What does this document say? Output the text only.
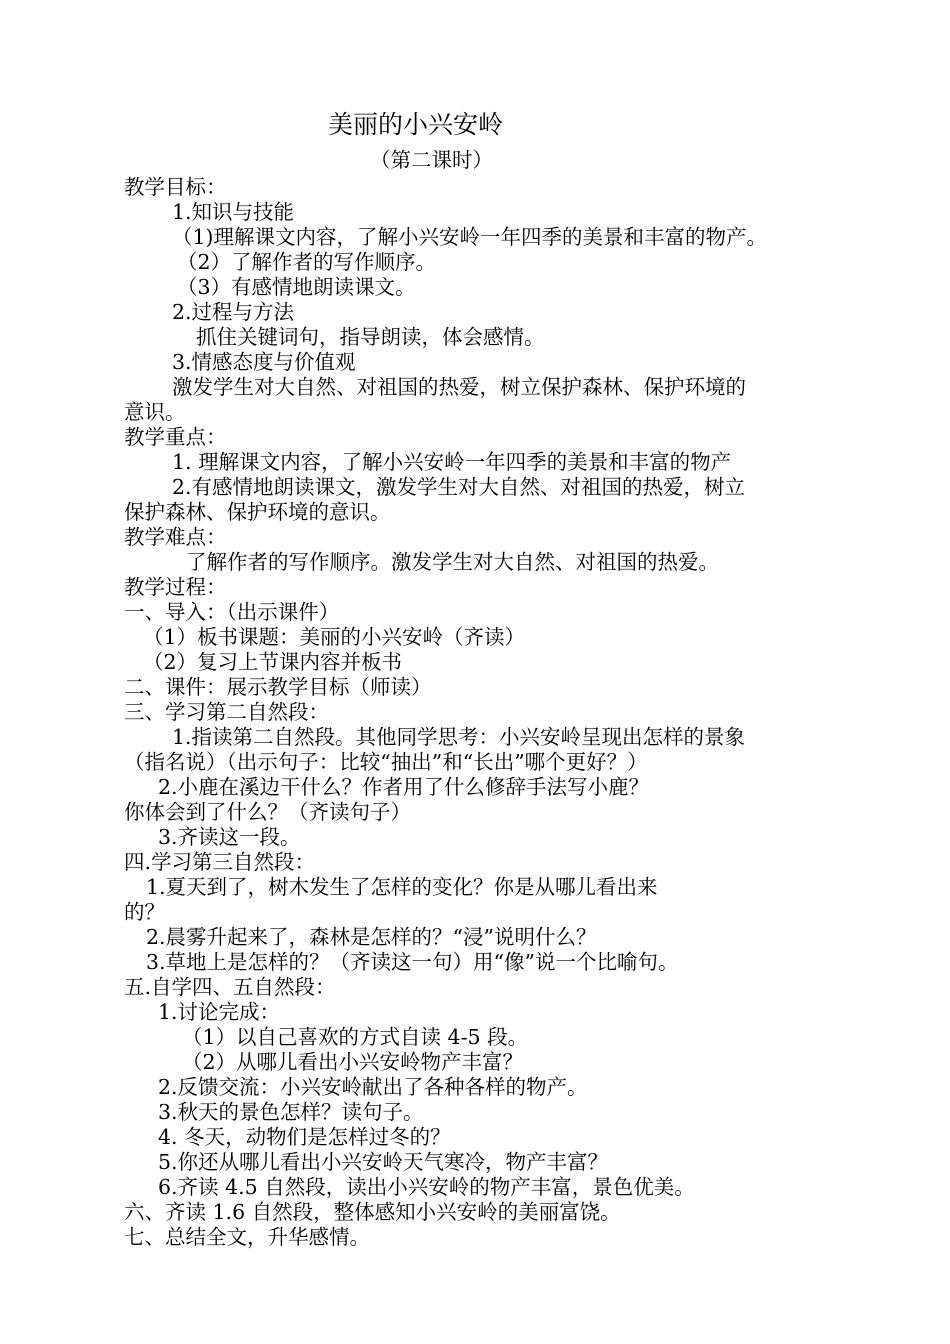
美丽的小兴安岭
（第二课时）
教学目标：
1.知识与技能
（1)理解课文内容，了解小兴安岭一年四季的美景和丰富的物产。
（2）了解作者的写作顺序。
（3）有感情地朗读课文。
2.过程与方法
抓住关键词句，指导朗读，体会感情。
3.情感态度与价值观
激发学生对大自然、对祖国的热爱，树立保护森林、保护环境的
意识。
教学重点：
1. 理解课文内容，了解小兴安岭一年四季的美景和丰富的物产
2.有感情地朗读课文，激发学生对大自然、对祖国的热爱，树立
保护森林、保护环境的意识。
教学难点：
了解作者的写作顺序。激发学生对大自然、对祖国的热爱。
教学过程：
一、导入：（出示课件）
（1）板书课题：美丽的小兴安岭（齐读）
（2）复习上节课内容并板书
二、课件：展示教学目标（师读）
三、学习第二自然段：
1.指读第二自然段。其他同学思考：小兴安岭呈现出怎样的景象
（指名说）（出示句子：比较“抽出”和“长出”哪个更好？）
2.小鹿在溪边干什么？作者用了什么修辞手法写小鹿？
你体会到了什么？（齐读句子）
3.齐读这一段。
四.学习第三自然段：
1.夏天到了，树木发生了怎样的变化？你是从哪儿看出来
的？
2.晨雾升起来了，森林是怎样的？“浸”说明什么？
3.草地上是怎样的？（齐读这一句）用“像”说一个比喻句。
五.自学四、五自然段：
1.讨论完成：
（1）以自己喜欢的方式自读 4-5 段。
（2）从哪儿看出小兴安岭物产丰富？
2.反馈交流：小兴安岭献出了各种各样的物产。
3.秋天的景色怎样？读句子。
4. 冬天，动物们是怎样过冬的？
5.你还从哪儿看出小兴安岭天气寒冷，物产丰富？
6.齐读 4.5 自然段，读出小兴安岭的物产丰富，景色优美。
六、齐读 1.6 自然段，整体感知小兴安岭的美丽富饶。
七、总结全文，升华感情。
